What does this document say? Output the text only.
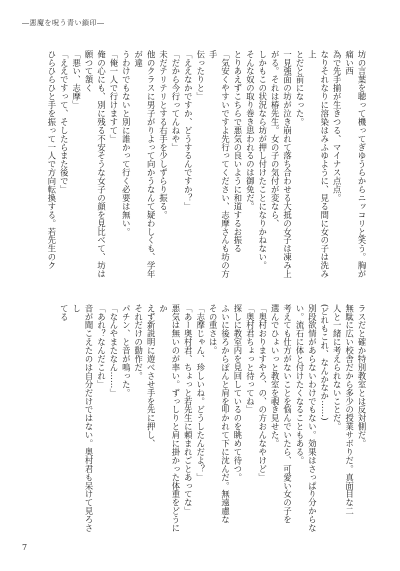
―悪魔を呪う青い鎖印―
坊の言葉を聴って機ってぎゆうらからニッコリと笑う。胸が痛い西
為で先手揃が生きつる、マイナス点点。
なりそれなりに溶染はみふゆように、見る間に女の子は洗み上
とだと前になった。
一見強面の坊が泣き崩れて落ち合わせる大抵の女子は凍み上
がる。それは椿先生。女の子の気付が変なら、
しかもこの状況なら坊が押し付けたことになりかねない。
そんな奴の取り巻き思われるのは御免だ。
とりあえずこちらで悪気の良いように和道するお振る
「気安くやすいですよ先行ってください、志摩さんも坊の方手
伝ったりと」
「ええなかですか、どうするんですか？」
「だから今行ってんねや」
未だテリテリとする右手を少しずらり振る。
他のクラスに男子がりよって向かうなんて疑わしくも、学年が違
うわけでもないと別に誰かって行く必要は無い。
「俺一人で行けますて」
俺の心にも、別に残る不安そうな女子の顔を見比べて、坊は
願つて頷く
「悪い、志摩」
「ええですって、そしたらまた後で」
ひらひらひと手を振って一人で方向転換する。若先生のク
ラスだと確か特別教室とは反対側だ。
無駄に広い校舎だから多少の授業サボりだ。真面目な二
人と一緒に考えられないことだ。
(どれもこれ、なんかなか……)
別段欲情があらないわけでもない。効果はさっぱり分からな
い。流石に体と付けたくなることもある。
考えても仕方がないことを悩んでいたら、可愛い女の子を
選んでひょいっと教室を覗き見せた。
「奥村おりますやろ、の、の方おんなやけど」
「奥村君ちょっと待ってね」
探しに教室内を見回しているのを眺めて待つ。
ふいに後ろからぽんと肩を叩かれて下に沈んだ。無遠慮な
その重さは。
「志摩じゃん、珍しいね。どうしたんだよ？」
「あー奥村君、ちょっと若先生に頼まれごとあってな」
悪気は無いのが率い。ずっしりと肩に掛かった体重をどうにか
えず新説明に遊べさせ手を先に押し、
それだけの動作だ。
パチン、と音が鳴った。
「なんやまたなん……」
「あれ？なんだこれ」
音が聞こえたのは自分だけではない。奥村君も呆けて見ろさし
てる
7
